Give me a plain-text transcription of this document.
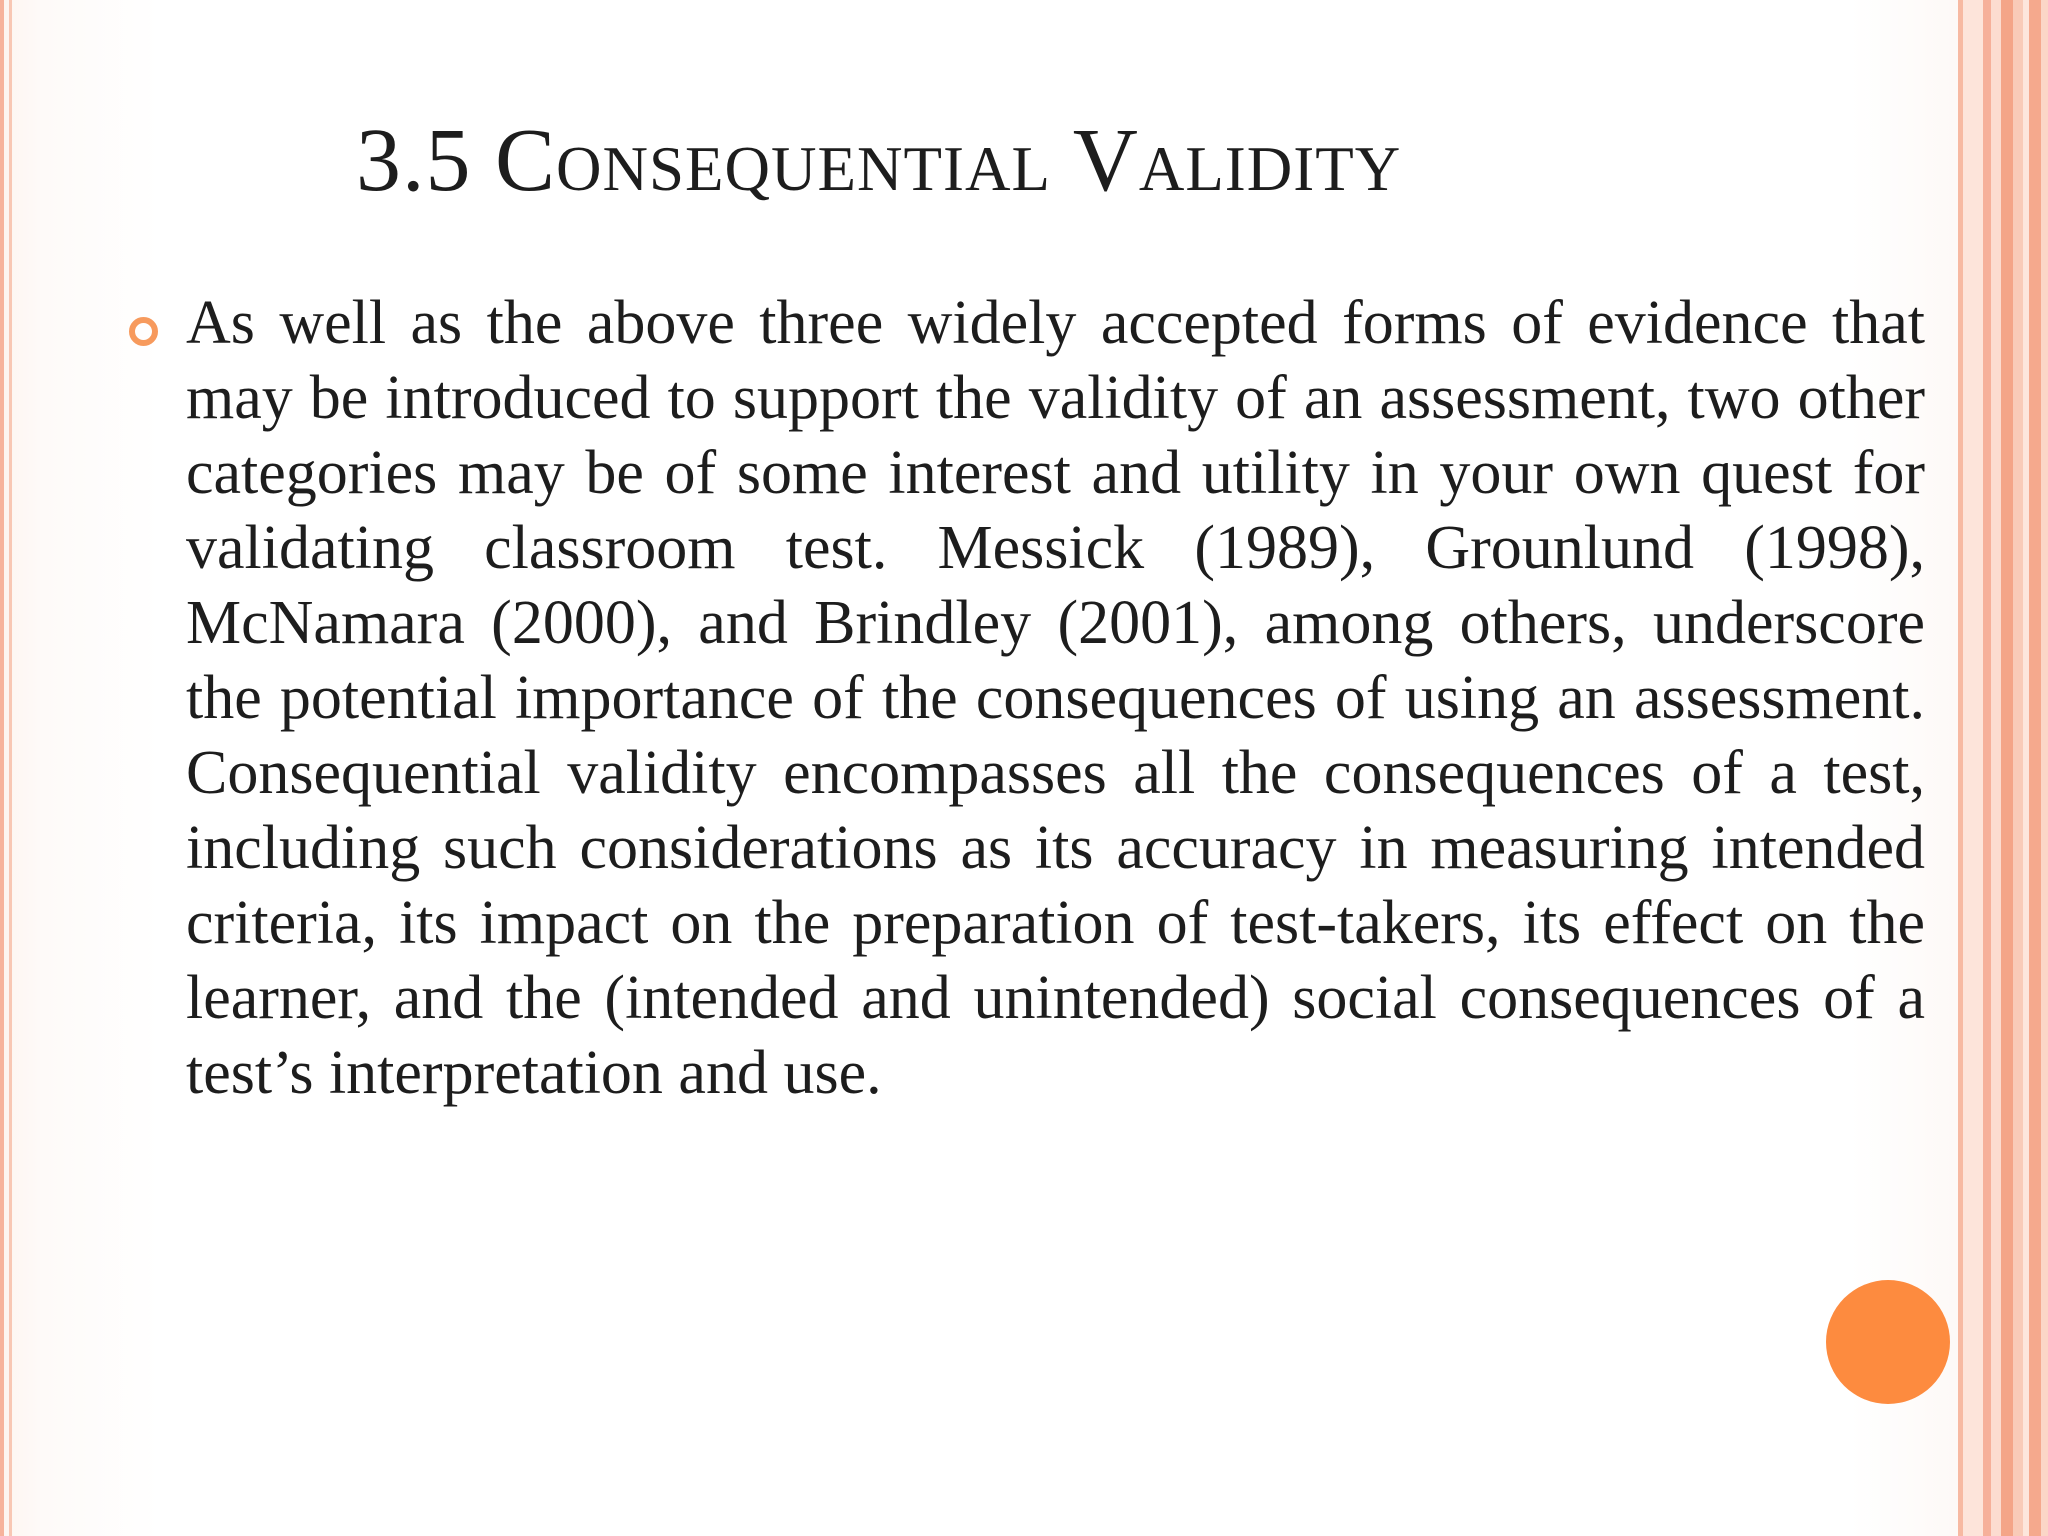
3.5 Consequential Validity
As well as the above three widely accepted forms of evidence that may be introduced to support the validity of an assessment, two other categories may be of some interest and utility in your own quest for validating classroom test. Messick (1989), Grounlund (1998), McNamara (2000), and Brindley (2001), among others, underscore the potential importance of the consequences of using an assessment. Consequential validity encompasses all the consequences of a test, including such considerations as its accuracy in measuring intended criteria, its impact on the preparation of test-takers, its effect on the learner, and the (intended and unintended) social consequences of a test’s interpretation and use.
